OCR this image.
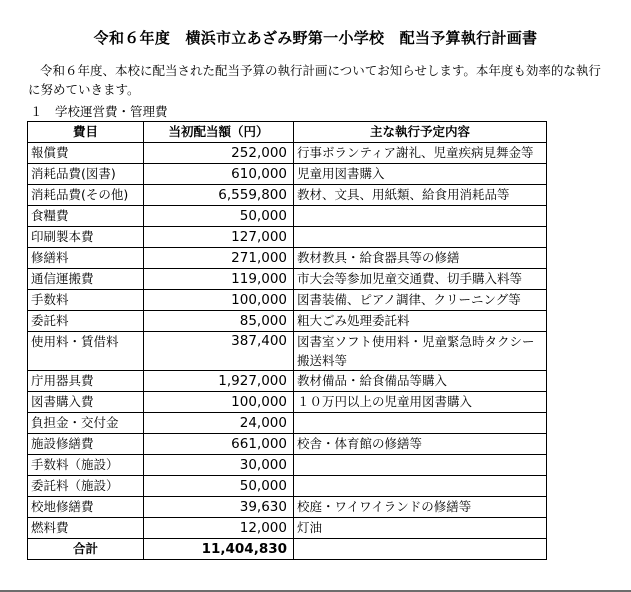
令和６年度　横浜市立あざみ野第一小学校　配当予算執行計画書
令和６年度、本校に配当された配当予算の執行計画についてお知らせします。本年度も効率的な執行に努めていきます。
１　学校運営費・管理費
費目	当初配当額（円）	主な執行予定内容
報償費	252,000	行事ボランティア謝礼、児童疾病見舞金等
消耗品費(図書)	610,000	児童用図書購入
消耗品費(その他)	6,559,800	教材、文具、用紙類、給食用消耗品等
食糧費	50,000	
印刷製本費	127,000	
修繕料	271,000	教材教具・給食器具等の修繕
通信運搬費	119,000	市大会等参加児童交通費、切手購入料等
手数料	100,000	図書装備、ピアノ調律、クリーニング等
委託料	85,000	粗大ごみ処理委託料
使用料・賃借料	387,400	図書室ソフト使用料・児童緊急時タクシー搬送料等
庁用器具費	1,927,000	教材備品・給食備品等購入
図書購入費	100,000	１０万円以上の児童用図書購入
負担金・交付金	24,000	
施設修繕費	661,000	校舎・体育館の修繕等
手数料（施設）	30,000	
委託料（施設）	50,000	
校地修繕費	39,630	校庭・ワイワイランドの修繕等
燃料費	12,000	灯油
合計	11,404,830	
